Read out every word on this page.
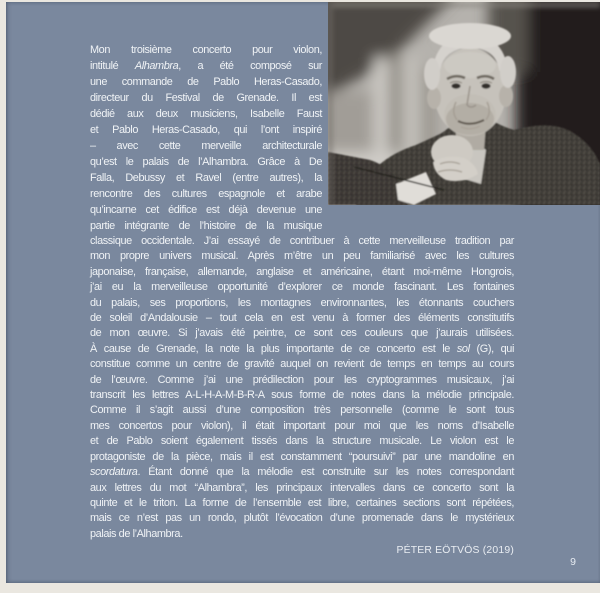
Mon troisième concerto pour violon,
intitulé Alhambra, a été composé sur
une commande de Pablo Heras-Casado,
directeur du Festival de Grenade. Il est
dédié aux deux musiciens, Isabelle Faust
et Pablo Heras-Casado, qui l’ont inspiré
– avec cette merveille architecturale
qu’est le palais de l’Alhambra. Grâce à De
Falla, Debussy et Ravel (entre autres), la
rencontre des cultures espagnole et arabe
qu’incarne cet édifice est déjà devenue une
partie intégrante de l’histoire de la musique
classique occidentale. J’ai essayé de contribuer à cette merveilleuse tradition par
mon propre univers musical. Après m’être un peu familiarisé avec les cultures
japonaise, française, allemande, anglaise et américaine, étant moi-même Hongrois,
j’ai eu la merveilleuse opportunité d’explorer ce monde fascinant. Les fontaines
du palais, ses proportions, les montagnes environnantes, les étonnants couchers
de soleil d’Andalousie – tout cela en est venu à former des éléments constitutifs
de mon œuvre. Si j’avais été peintre, ce sont ces couleurs que j’aurais utilisées.
À cause de Grenade, la note la plus importante de ce concerto est le sol (G), qui
constitue comme un centre de gravité auquel on revient de temps en temps au cours
de l’œuvre. Comme j’ai une prédilection pour les cryptogrammes musicaux, j’ai
transcrit les lettres A-L-H-A-M-B-R-A sous forme de notes dans la mélodie principale.
Comme il s’agit aussi d’une composition très personnelle (comme le sont tous
mes concertos pour violon), il était important pour moi que les noms d’Isabelle
et de Pablo soient également tissés dans la structure musicale. Le violon est le
protagoniste de la pièce, mais il est constamment “poursuivi” par une mandoline en
scordatura. Étant donné que la mélodie est construite sur les notes correspondant
aux lettres du mot “Alhambra”, les principaux intervalles dans ce concerto sont la
quinte et le triton. La forme de l’ensemble est libre, certaines sections sont répétées,
mais ce n’est pas un rondo, plutôt l’évocation d’une promenade dans le mystérieux
palais de l’Alhambra.
PÉTER EÖTVÖS (2019)
9
